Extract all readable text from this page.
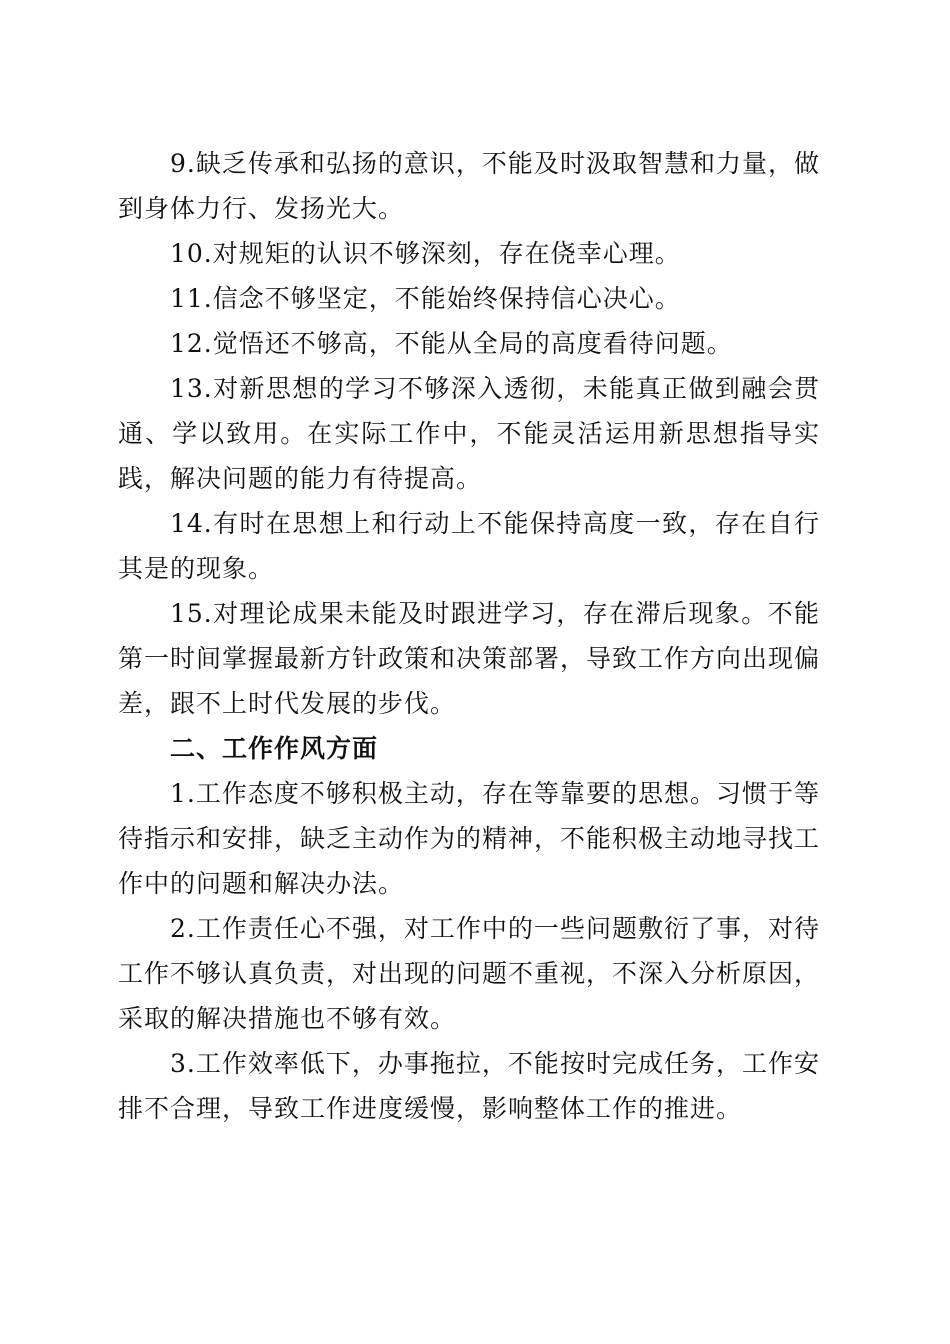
9.缺乏传承和弘扬的意识，不能及时汲取智慧和力量，做到身体力行、发扬光大。

10.对规矩的认识不够深刻，存在侥幸心理。

11.信念不够坚定，不能始终保持信心决心。

12.觉悟还不够高，不能从全局的高度看待问题。

13.对新思想的学习不够深入透彻，未能真正做到融会贯通、学以致用。在实际工作中，不能灵活运用新思想指导实践，解决问题的能力有待提高。

14.有时在思想上和行动上不能保持高度一致，存在自行其是的现象。

15.对理论成果未能及时跟进学习，存在滞后现象。不能第一时间掌握最新方针政策和决策部署，导致工作方向出现偏差，跟不上时代发展的步伐。

二、工作作风方面

1.工作态度不够积极主动，存在等靠要的思想。习惯于等待指示和安排，缺乏主动作为的精神，不能积极主动地寻找工作中的问题和解决办法。

2.工作责任心不强，对工作中的一些问题敷衍了事，对待工作不够认真负责，对出现的问题不重视，不深入分析原因，采取的解决措施也不够有效。

3.工作效率低下，办事拖拉，不能按时完成任务，工作安排不合理，导致工作进度缓慢，影响整体工作的推进。
